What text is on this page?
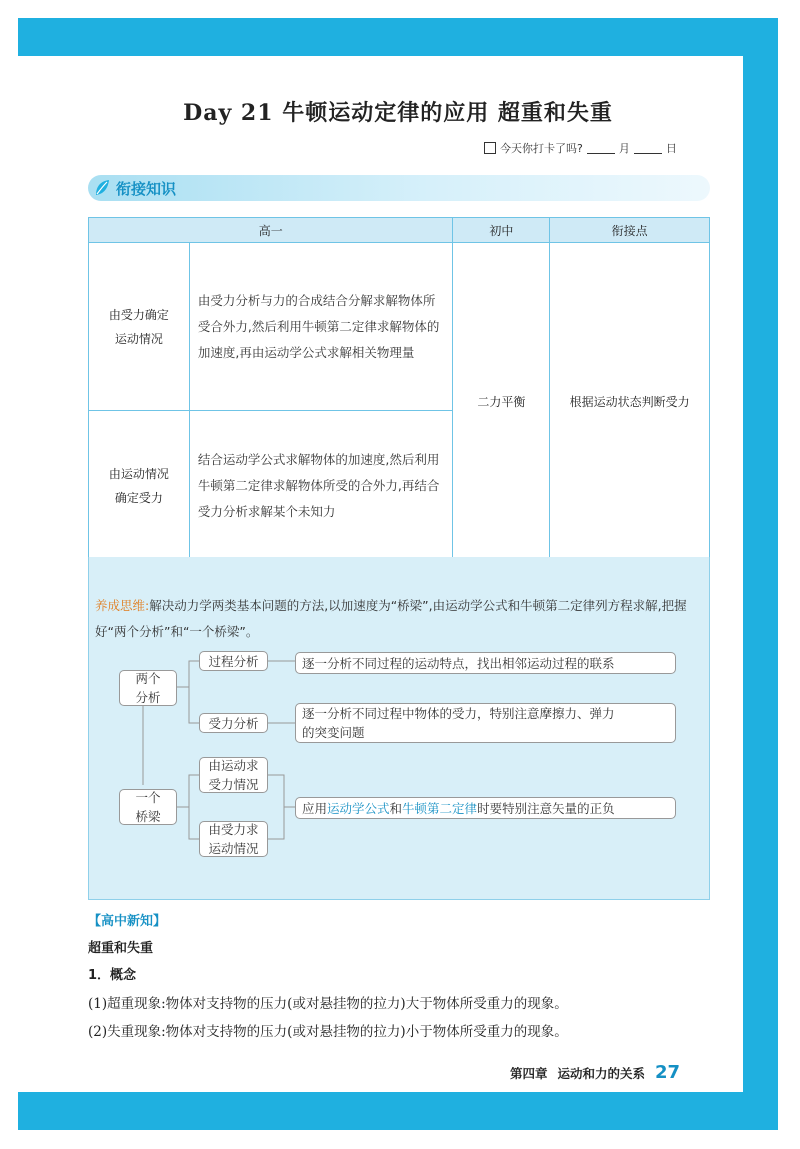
Day 21 牛顿运动定律的应用 超重和失重
今天你打卡了吗?	月	日
衔接知识
高一		初中	衔接点
由受力确定
运动情况	由受力分析与力的合成结合分解求解物体所受合外力,然后利用牛顿第二定律求解物体的加速度,再由运动学公式求解相关物理量	二力平衡	根据运动状态判断受力
由运动情况
确定受力	结合运动学公式求解物体的加速度,然后利用牛顿第二定律求解物体所受的合外力,再结合受力分析求解某个未知力		

养成思维:解决动力学两类基本问题的方法,以加速度为“桥梁”,由运动学公式和牛顿第二定律列方程求解,把握好“两个分析”和“一个桥梁”。

两个
分析
过程分析	逐一分析不同过程的运动特点，找出相邻运动过程的联系
受力分析
逐一分析不同过程中物体的受力，特别注意摩擦力、弹力
的突变问题
一个
桥梁
由运动求
受力情况
由受力求
运动情况
应用 运动学公式 和 牛顿第二定律 时要特别注意矢量的正负

【高中新知】

超重和失重

1．概念

(1)超重现象:物体对支持物的压力(或对悬挂物的拉力)大于物体所受重力的现象。

(2)失重现象:物体对支持物的压力(或对悬挂物的拉力)小于物体所受重力的现象。

第四章 运动和力的关系 27
